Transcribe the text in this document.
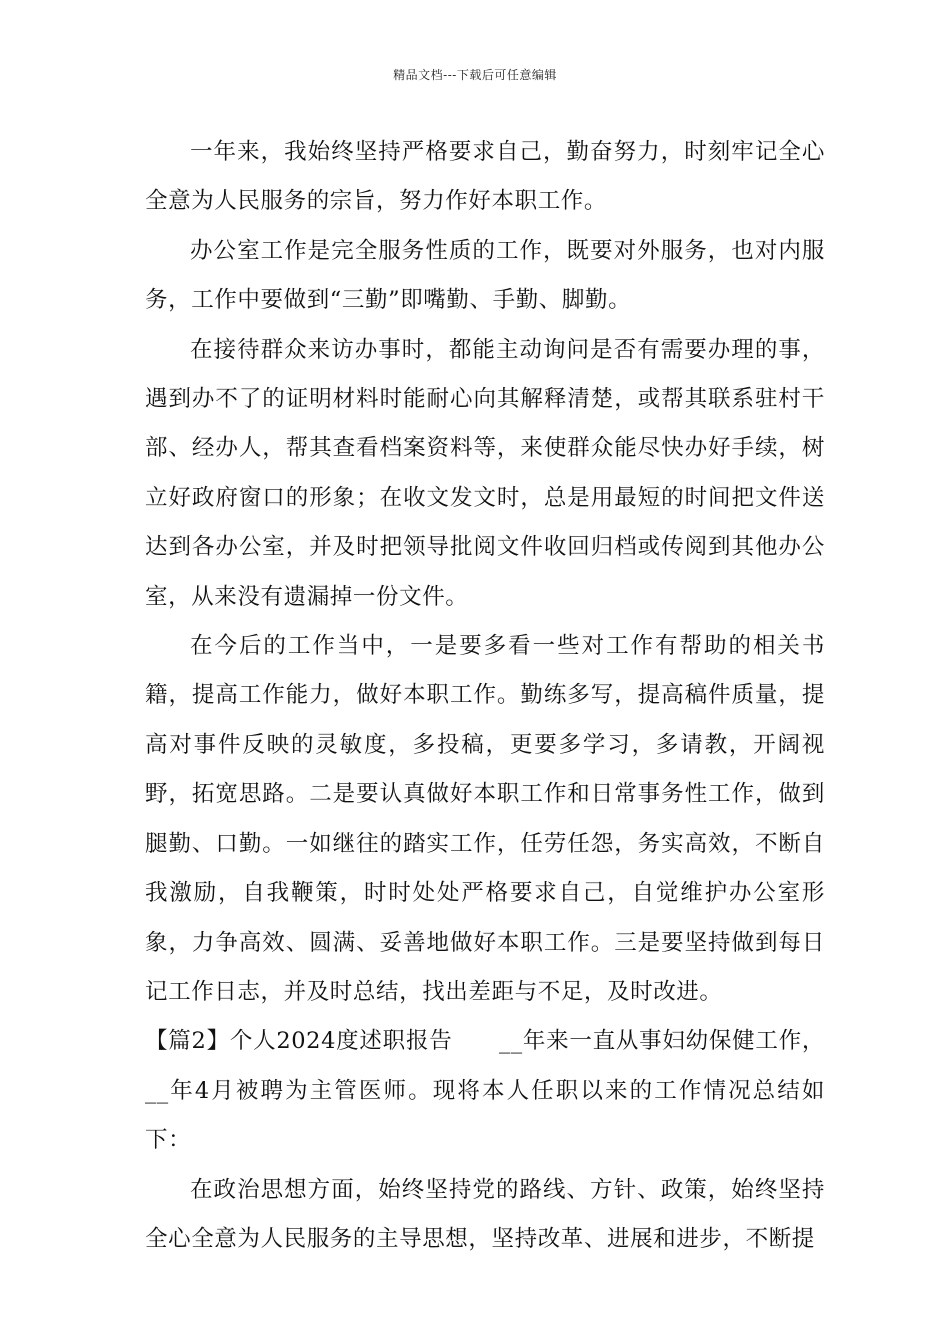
精品文档---下载后可任意编辑

一年来，我始终坚持严格要求自己，勤奋努力，时刻牢记全心全意为人民服务的宗旨，努力作好本职工作。

办公室工作是完全服务性质的工作，既要对外服务，也对内服务，工作中要做到“三勤”即嘴勤、手勤、脚勤。

在接待群众来访办事时，都能主动询问是否有需要办理的事，遇到办不了的证明材料时能耐心向其解释清楚，或帮其联系驻村干部、经办人，帮其查看档案资料等，来使群众能尽快办好手续，树立好政府窗口的形象；在收文发文时，总是用最短的时间把文件送达到各办公室，并及时把领导批阅文件收回归档或传阅到其他办公室，从来没有遗漏掉一份文件。

在今后的工作当中，一是要多看一些对工作有帮助的相关书籍，提高工作能力，做好本职工作。勤练多写，提高稿件质量，提高对事件反映的灵敏度，多投稿，更要多学习，多请教，开阔视野，拓宽思路。二是要认真做好本职工作和日常事务性工作，做到腿勤、口勤。一如继往的踏实工作，任劳任怨，务实高效，不断自我激励，自我鞭策，时时处处严格要求自己，自觉维护办公室形象，力争高效、圆满、妥善地做好本职工作。三是要坚持做到每日记工作日志，并及时总结，找出差距与不足，及时改进。

【篇2】个人2024度述职报告　　__年来一直从事妇幼保健工作，__年4月被聘为主管医师。现将本人任职以来的工作情况总结如下：

在政治思想方面，始终坚持党的路线、方针、政策，始终坚持全心全意为人民服务的主导思想，坚持改革、进展和进步，不断提
